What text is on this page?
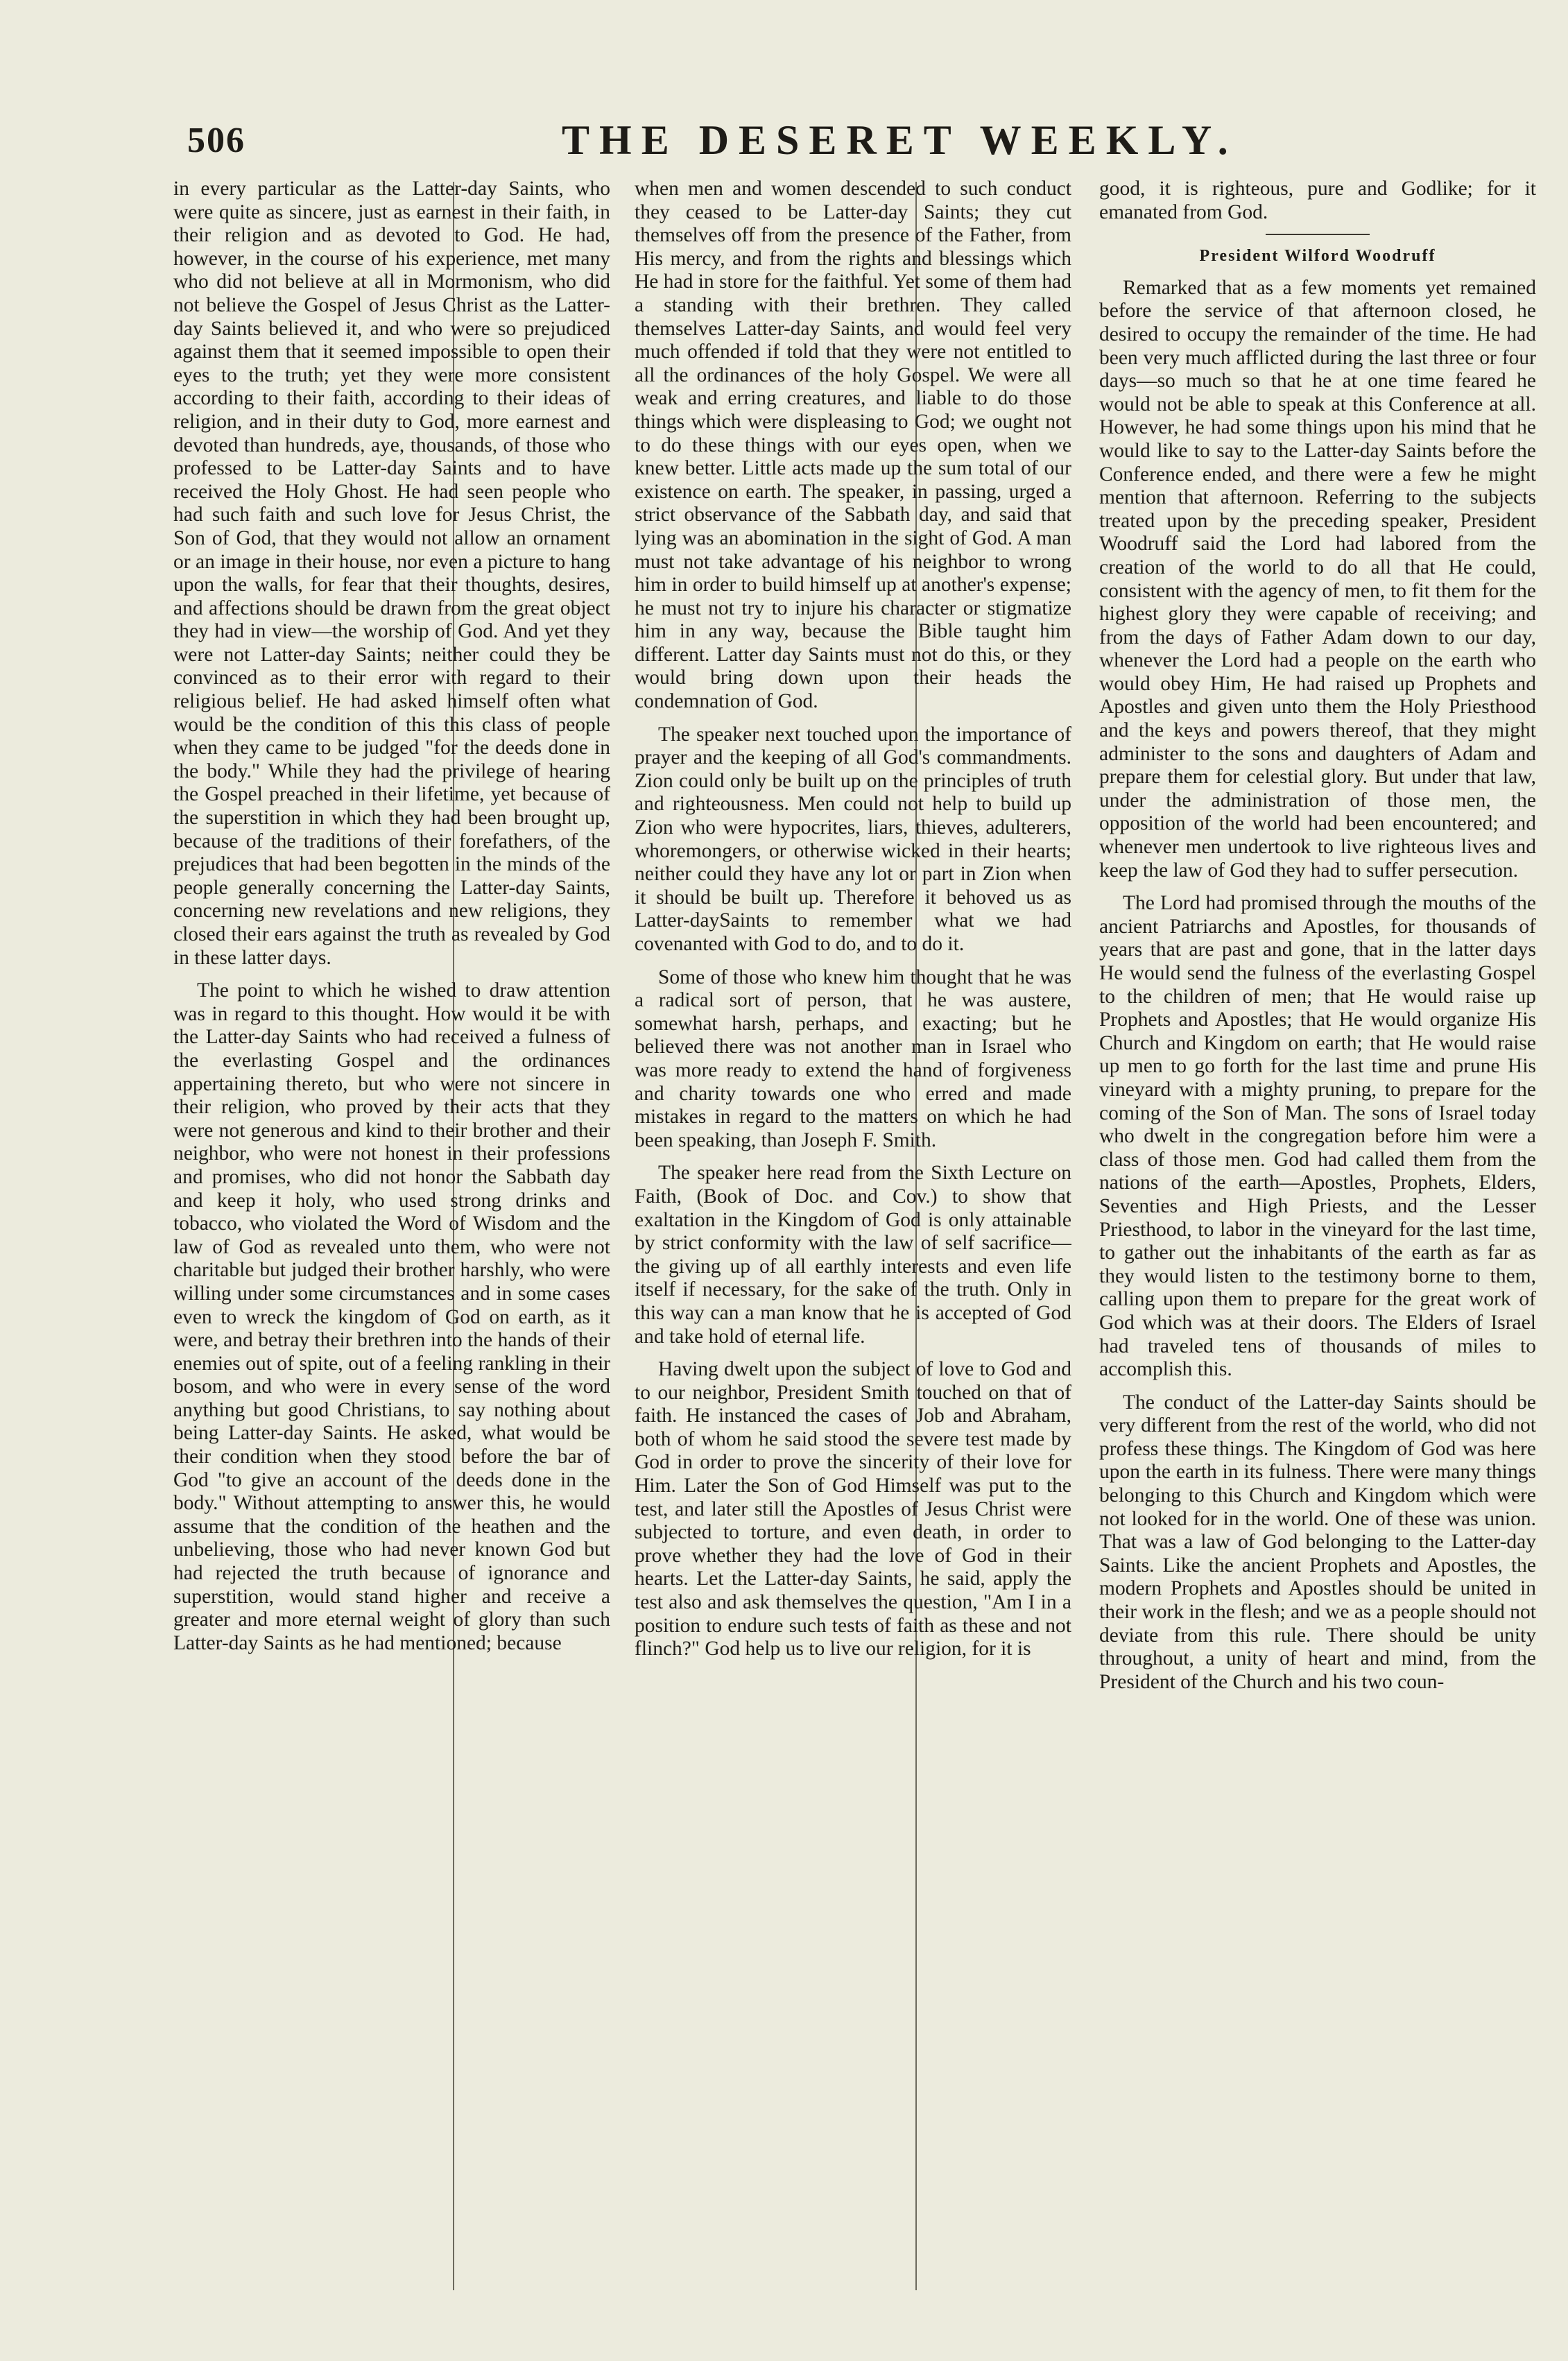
506	THE DESERET WEEKLY.

in every particular as the Latter-day Saints, who were quite as sincere, just as earnest in their faith, in their religion and as devoted to God. He had, however, in the course of his experience, met many who did not believe at all in Mormonism, who did not believe the Gospel of Jesus Christ as the Latter-day Saints believed it, and who were so prejudiced against them that it seemed impossible to open their eyes to the truth; yet they were more consistent according to their faith, according to their ideas of religion, and in their duty to God, more earnest and devoted than hundreds, aye, thousands, of those who professed to be Latter-day Saints and to have received the Holy Ghost. He had seen people who had such faith and such love for Jesus Christ, the Son of God, that they would not allow an ornament or an image in their house, nor even a picture to hang upon the walls, for fear that their thoughts, desires, and affections should be drawn from the great object they had in view—the worship of God. And yet they were not Latter-day Saints; neither could they be convinced as to their error with regard to their religious belief. He had asked himself often what would be the condition of this this class of people when they came to be judged "for the deeds done in the body." While they had the privilege of hearing the Gospel preached in their lifetime, yet because of the superstition in which they had been brought up, because of the traditions of their forefathers, of the prejudices that had been begotten in the minds of the people generally concerning the Latter-day Saints, concerning new revelations and new religions, they closed their ears against the truth as revealed by God in these latter days.

The point to which he wished to draw attention was in regard to this thought. How would it be with the Latter-day Saints who had received a fulness of the everlasting Gospel and the ordinances appertaining thereto, but who were not sincere in their religion, who proved by their acts that they were not generous and kind to their brother and their neighbor, who were not honest in their professions and promises, who did not honor the Sabbath day and keep it holy, who used strong drinks and tobacco, who violated the Word of Wisdom and the law of God as revealed unto them, who were not charitable but judged their brother harshly, who were willing under some circumstances and in some cases even to wreck the kingdom of God on earth, as it were, and betray their brethren into the hands of their enemies out of spite, out of a feeling rankling in their bosom, and who were in every sense of the word anything but good Christians, to say nothing about being Latter-day Saints. He asked, what would be their condition when they stood before the bar of God "to give an account of the deeds done in the body." Without attempting to answer this, he would assume that the condition of the heathen and the unbelieving, those who had never known God but had rejected the truth because of ignorance and superstition, would stand higher and receive a greater and more eternal weight of glory than such Latter-day Saints as he had mentioned; because

when men and women descended to such conduct they ceased to be Latter-day Saints; they cut themselves off from the presence of the Father, from His mercy, and from the rights and blessings which He had in store for the faithful. Yet some of them had a standing with their brethren. They called themselves Latter-day Saints, and would feel very much offended if told that they were not entitled to all the ordinances of the holy Gospel. We were all weak and erring creatures, and liable to do those things which were displeasing to God; we ought not to do these things with our eyes open, when we knew better. Little acts made up the sum total of our existence on earth. The speaker, in passing, urged a strict observance of the Sabbath day, and said that lying was an abomination in the sight of God. A man must not take advantage of his neighbor to wrong him in order to build himself up at another's expense; he must not try to injure his character or stigmatize him in any way, because the Bible taught him different. Latter day Saints must not do this, or they would bring down upon their heads the condemnation of God.

The speaker next touched upon the importance of prayer and the keeping of all God's commandments. Zion could only be built up on the principles of truth and righteousness. Men could not help to build up Zion who were hypocrites, liars, thieves, adulterers, whoremongers, or otherwise wicked in their hearts; neither could they have any lot or part in Zion when it should be built up. Therefore it behoved us as Latter-daySaints to remember what we had covenanted with God to do, and to do it.

Some of those who knew him thought that he was a radical sort of person, that he was austere, somewhat harsh, perhaps, and exacting; but he believed there was not another man in Israel who was more ready to extend the hand of forgiveness and charity towards one who erred and made mistakes in regard to the matters on which he had been speaking, than Joseph F. Smith.

The speaker here read from the Sixth Lecture on Faith, (Book of Doc. and Cov.) to show that exaltation in the Kingdom of God is only attainable by strict conformity with the law of self sacrifice—the giving up of all earthly interests and even life itself if necessary, for the sake of the truth. Only in this way can a man know that he is accepted of God and take hold of eternal life.

Having dwelt upon the subject of love to God and to our neighbor, President Smith touched on that of faith. He instanced the cases of Job and Abraham, both of whom he said stood the severe test made by God in order to prove the sincerity of their love for Him. Later the Son of God Himself was put to the test, and later still the Apostles of Jesus Christ were subjected to torture, and even death, in order to prove whether they had the love of God in their hearts. Let the Latter-day Saints, he said, apply the test also and ask themselves the question, "Am I in a position to endure such tests of faith as these and not flinch?" God help us to live our religion, for it is

good, it is righteous, pure and Godlike; for it emanated from God.

President Wilford Woodruff

Remarked that as a few moments yet remained before the service of that afternoon closed, he desired to occupy the remainder of the time. He had been very much afflicted during the last three or four days—so much so that he at one time feared he would not be able to speak at this Conference at all. However, he had some things upon his mind that he would like to say to the Latter-day Saints before the Conference ended, and there were a few he might mention that afternoon. Referring to the subjects treated upon by the preceding speaker, President Woodruff said the Lord had labored from the creation of the world to do all that He could, consistent with the agency of men, to fit them for the highest glory they were capable of receiving; and from the days of Father Adam down to our day, whenever the Lord had a people on the earth who would obey Him, He had raised up Prophets and Apostles and given unto them the Holy Priesthood and the keys and powers thereof, that they might administer to the sons and daughters of Adam and prepare them for celestial glory. But under that law, under the administration of those men, the opposition of the world had been encountered; and whenever men undertook to live righteous lives and keep the law of God they had to suffer persecution.

The Lord had promised through the mouths of the ancient Patriarchs and Apostles, for thousands of years that are past and gone, that in the latter days He would send the fulness of the everlasting Gospel to the children of men; that He would raise up Prophets and Apostles; that He would organize His Church and Kingdom on earth; that He would raise up men to go forth for the last time and prune His vineyard with a mighty pruning, to prepare for the coming of the Son of Man. The sons of Israel today who dwelt in the congregation before him were a class of those men. God had called them from the nations of the earth—Apostles, Prophets, Elders, Seventies and High Priests, and the Lesser Priesthood, to labor in the vineyard for the last time, to gather out the inhabitants of the earth as far as they would listen to the testimony borne to them, calling upon them to prepare for the great work of God which was at their doors. The Elders of Israel had traveled tens of thousands of miles to accomplish this.

The conduct of the Latter-day Saints should be very different from the rest of the world, who did not profess these things. The Kingdom of God was here upon the earth in its fulness. There were many things belonging to this Church and Kingdom which were not looked for in the world. One of these was union. That was a law of God belonging to the Latter-day Saints. Like the ancient Prophets and Apostles, the modern Prophets and Apostles should be united in their work in the flesh; and we as a people should not deviate from this rule. There should be unity throughout, a unity of heart and mind, from the President of the Church and his two coun-
